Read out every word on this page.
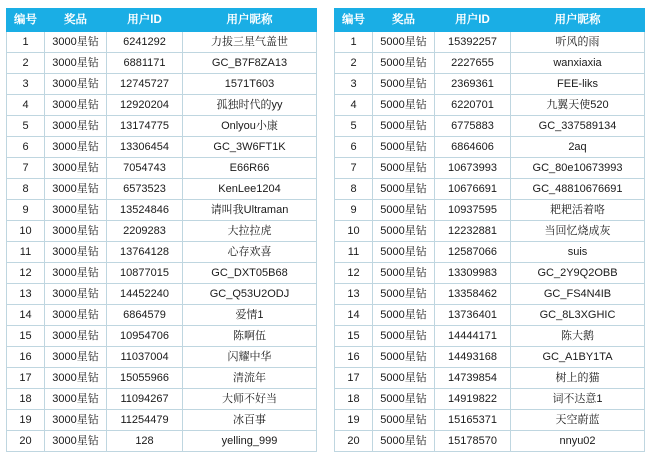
编号	奖品	用户ID	用户昵称
1	3000星钻	6241292	力拔三星气盖世
2	3000星钻	6881171	GC_B7F8ZA13
3	3000星钻	12745727	1571T603
4	3000星钻	12920204	孤独时代的yy
5	3000星钻	13174775	Onlyou小康
6	3000星钻	13306454	GC_3W6FT1K
7	3000星钻	7054743	E66R66
8	3000星钻	6573523	KenLee1204
9	3000星钻	13524846	请叫我Ultraman
10	3000星钻	2209283	大拉拉虎
11	3000星钻	13764128	心存欢喜
12	3000星钻	10877015	GC_DXT05B68
13	3000星钻	14452240	GC_Q53U2ODJ
14	3000星钻	6864579	爱情1
15	3000星钻	10954706	陈啊伍
16	3000星钻	11037004	闪耀中华
17	3000星钻	15055966	清流年
18	3000星钻	11094267	大师不好当
19	3000星钻	11254479	冰百事
20	3000星钻	128	yelling_999
编号	奖品	用户ID	用户昵称
1	5000星钻	15392257	听风的雨
2	5000星钻	2227655	wanxiaxia
3	5000星钻	2369361	FEE-liks
4	5000星钻	6220701	九翼天使520
5	5000星钻	6775883	GC_337589134
6	5000星钻	6864606	2aq
7	5000星钻	10673993	GC_80e10673993
8	5000星钻	10676691	GC_48810676691
9	5000星钻	10937595	耙耙活着咯
10	5000星钻	12232881	当回忆烧成灰
11	5000星钻	12587066	suis
12	5000星钻	13309983	GC_2Y9Q2OBB
13	5000星钻	13358462	GC_FS4N4IB
14	5000星钻	13736401	GC_8L3XGHIC
15	5000星钻	14444171	陈大鹅
16	5000星钻	14493168	GC_A1BY1TA
17	5000星钻	14739854	树上的猫
18	5000星钻	14919822	词不达意1
19	5000星钻	15165371	天空蔚蓝
20	5000星钻	15178570	nnyu02
